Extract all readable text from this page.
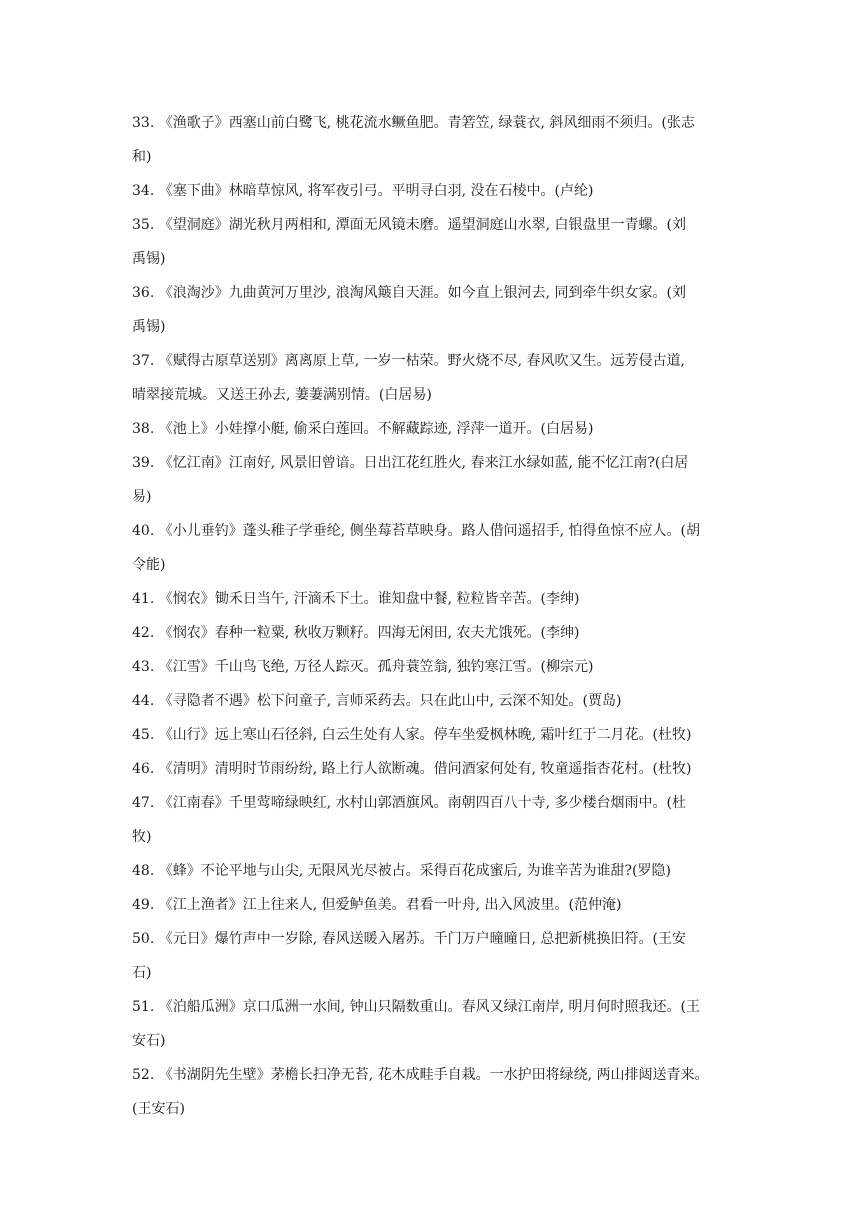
33. 《渔歌子》西塞山前白鹭飞, 桃花流水鳜鱼肥。青箬笠, 绿蓑衣, 斜风细雨不须归。(张志
和)
34. 《塞下曲》林暗草惊风, 将军夜引弓。平明寻白羽, 没在石棱中。(卢纶)
35. 《望洞庭》湖光秋月两相和, 潭面无风镜未磨。遥望洞庭山水翠, 白银盘里一青螺。(刘
禹锡)
36. 《浪淘沙》九曲黄河万里沙, 浪淘风簸自天涯。如今直上银河去, 同到牵牛织女家。(刘
禹锡)
37. 《赋得古原草送别》离离原上草, 一岁一枯荣。野火烧不尽, 春风吹又生。远芳侵古道,
晴翠接荒城。又送王孙去, 萋萋满别情。(白居易)
38. 《池上》小娃撑小艇, 偷采白莲回。不解藏踪迹, 浮萍一道开。(白居易)
39. 《忆江南》江南好, 风景旧曾谙。日出江花红胜火, 春来江水绿如蓝, 能不忆江南?(白居
易)
40. 《小儿垂钓》蓬头稚子学垂纶, 侧坐莓苔草映身。路人借问遥招手, 怕得鱼惊不应人。(胡
令能)
41. 《悯农》锄禾日当午, 汗滴禾下土。谁知盘中餐, 粒粒皆辛苦。(李绅)
42. 《悯农》春种一粒粟, 秋收万颗籽。四海无闲田, 农夫尤饿死。(李绅)
43. 《江雪》千山鸟飞绝, 万径人踪灭。孤舟蓑笠翁, 独钓寒江雪。(柳宗元)
44. 《寻隐者不遇》松下问童子, 言师采药去。只在此山中, 云深不知处。(贾岛)
45. 《山行》远上寒山石径斜, 白云生处有人家。停车坐爱枫林晚, 霜叶红于二月花。(杜牧)
46. 《清明》清明时节雨纷纷, 路上行人欲断魂。借问酒家何处有, 牧童遥指杏花村。(杜牧)
47. 《江南春》千里莺啼绿映红, 水村山郭酒旗风。南朝四百八十寺, 多少楼台烟雨中。(杜
牧)
48. 《蜂》不论平地与山尖, 无限风光尽被占。采得百花成蜜后, 为谁辛苦为谁甜?(罗隐)
49. 《江上渔者》江上往来人, 但爱鲈鱼美。君看一叶舟, 出入风波里。(范仲淹)
50. 《元日》爆竹声中一岁除, 春风送暖入屠苏。千门万户曈曈日, 总把新桃换旧符。(王安
石)
51. 《泊船瓜洲》京口瓜洲一水间, 钟山只隔数重山。春风又绿江南岸, 明月何时照我还。(王
安石)
52. 《书湖阴先生壁》茅檐长扫净无苔, 花木成畦手自栽。一水护田将绿绕, 两山排闼送青来。
(王安石)
